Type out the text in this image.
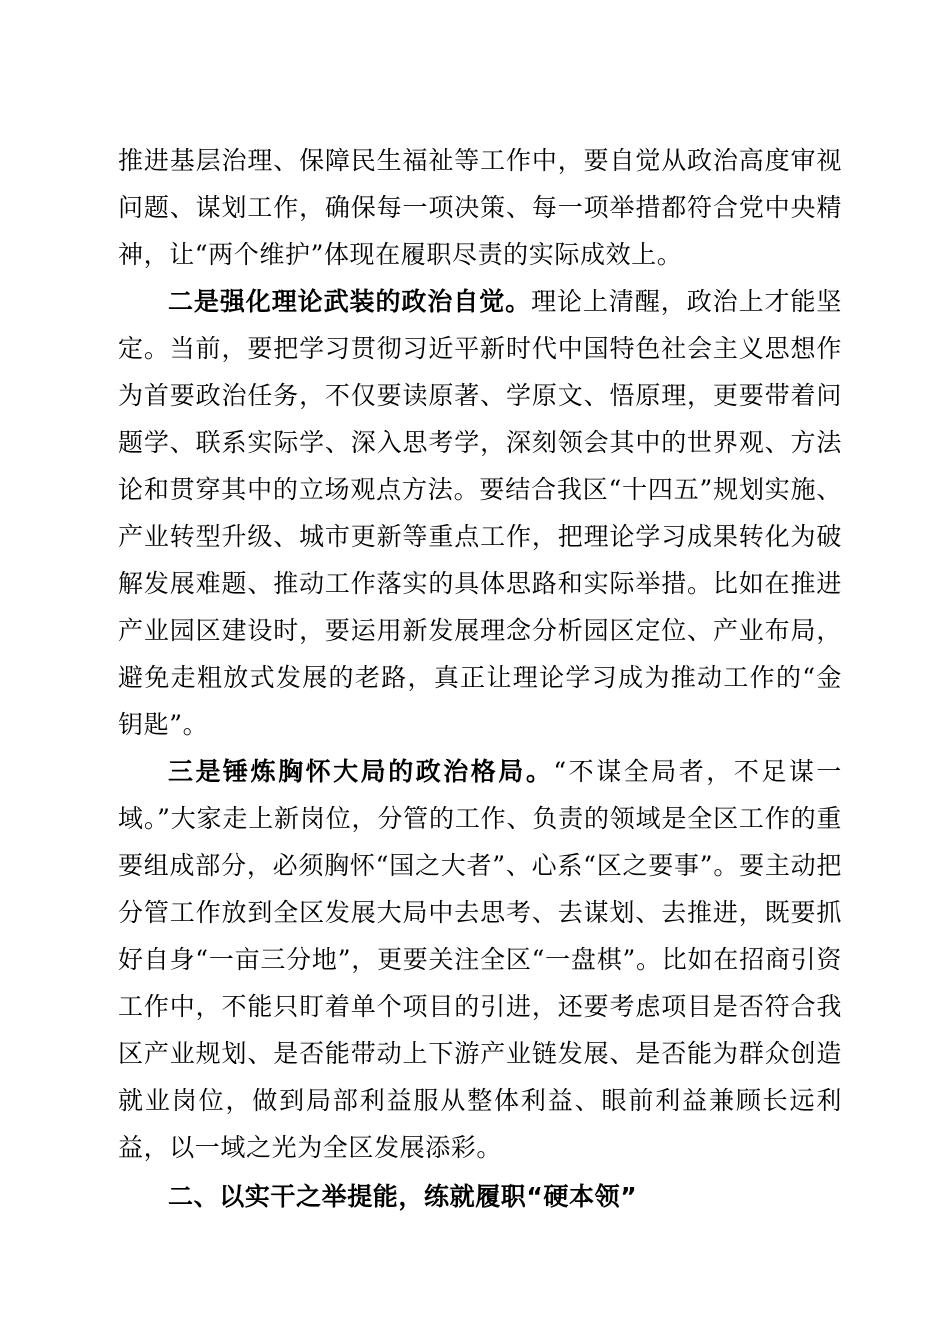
推进基层治理、保障民生福祉等工作中，要自觉从政治高度审视问题、谋划工作，确保每一项决策、每一项举措都符合党中央精神，让“两个维护”体现在履职尽责的实际成效上。

二是强化理论武装的政治自觉。理论上清醒，政治上才能坚定。当前，要把学习贯彻习近平新时代中国特色社会主义思想作为首要政治任务，不仅要读原著、学原文、悟原理，更要带着问题学、联系实际学、深入思考学，深刻领会其中的世界观、方法论和贯穿其中的立场观点方法。要结合我区“十四五”规划实施、产业转型升级、城市更新等重点工作，把理论学习成果转化为破解发展难题、推动工作落实的具体思路和实际举措。比如在推进产业园区建设时，要运用新发展理念分析园区定位、产业布局，避免走粗放式发展的老路，真正让理论学习成为推动工作的“金钥匙”。

三是锤炼胸怀大局的政治格局。“不谋全局者，不足谋一域。”大家走上新岗位，分管的工作、负责的领域是全区工作的重要组成部分，必须胸怀“国之大者”、心系“区之要事”。要主动把分管工作放到全区发展大局中去思考、去谋划、去推进，既要抓好自身“一亩三分地”，更要关注全区“一盘棋”。比如在招商引资工作中，不能只盯着单个项目的引进，还要考虑项目是否符合我区产业规划、是否能带动上下游产业链发展、是否能为群众创造就业岗位，做到局部利益服从整体利益、眼前利益兼顾长远利益，以一域之光为全区发展添彩。

二、以实干之举提能，练就履职“硬本领”
